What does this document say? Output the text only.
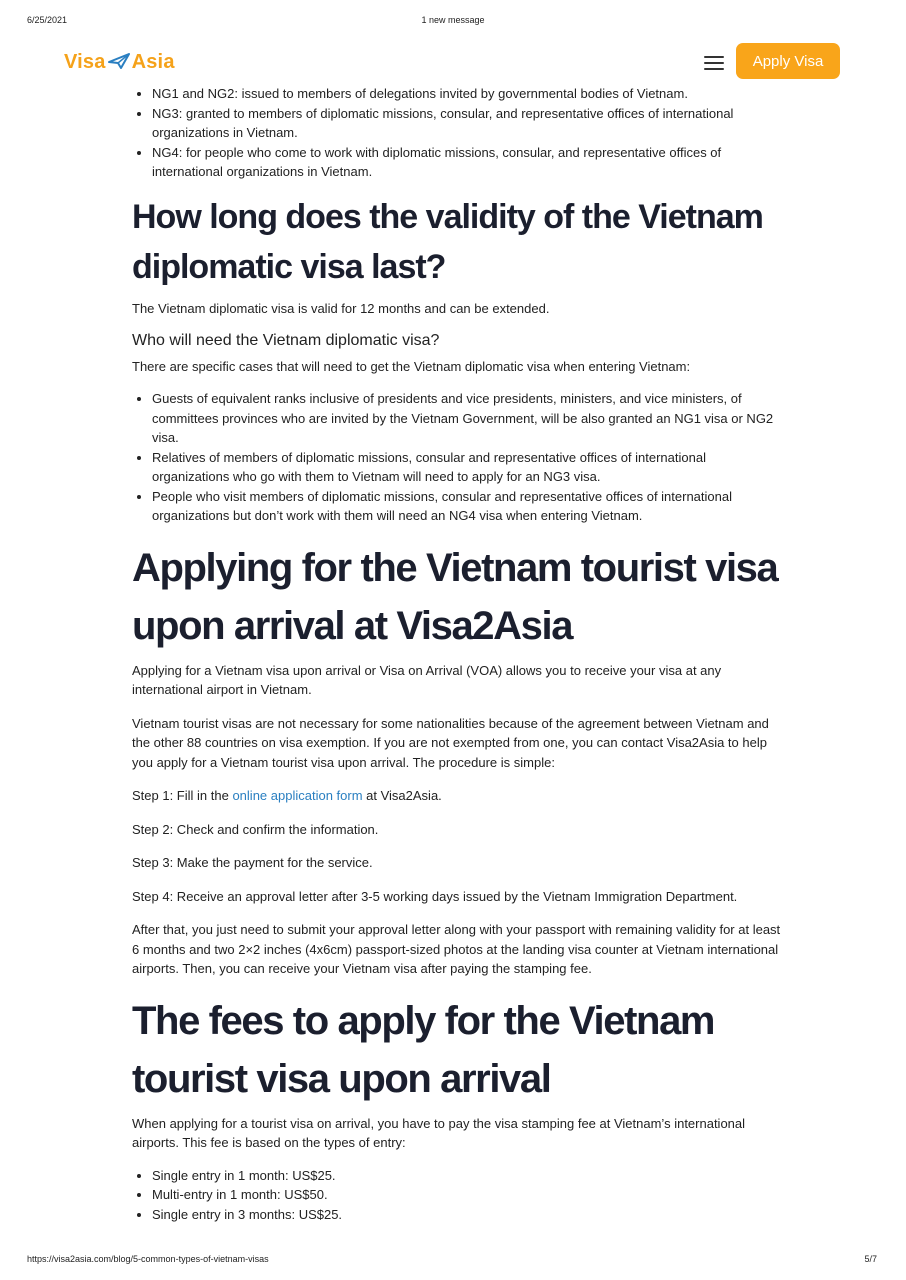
6/25/2021	1 new message
Visa Asia	Apply Visa
• NG1 and NG2: issued to members of delegations invited by governmental bodies of Vietnam.
• NG3: granted to members of diplomatic missions, consular, and representative offices of international organizations in Vietnam.
• NG4: for people who come to work with diplomatic missions, consular, and representative offices of international organizations in Vietnam.
How long does the validity of the Vietnam diplomatic visa last?

The Vietnam diplomatic visa is valid for 12 months and can be extended.

Who will need the Vietnam diplomatic visa?

There are specific cases that will need to get the Vietnam diplomatic visa when entering Vietnam:

• Guests of equivalent ranks inclusive of presidents and vice presidents, ministers, and vice ministers, of committees provinces who are invited by the Vietnam Government, will be also granted an NG1 visa or NG2 visa.
• Relatives of members of diplomatic missions, consular and representative offices of international organizations who go with them to Vietnam will need to apply for an NG3 visa.
• People who visit members of diplomatic missions, consular and representative offices of international organizations but don’t work with them will need an NG4 visa when entering Vietnam.
Applying for the Vietnam tourist visa upon arrival at Visa2Asia

Applying for a Vietnam visa upon arrival or Visa on Arrival (VOA) allows you to receive your visa at any international airport in Vietnam.

Vietnam tourist visas are not necessary for some nationalities because of the agreement between Vietnam and the other 88 countries on visa exemption. If you are not exempted from one, you can contact Visa2Asia to help you apply for a Vietnam tourist visa upon arrival. The procedure is simple:

Step 1: Fill in the online application form at Visa2Asia.

Step 2: Check and confirm the information.

Step 3: Make the payment for the service.

Step 4: Receive an approval letter after 3-5 working days issued by the Vietnam Immigration Department.

After that, you just need to submit your approval letter along with your passport with remaining validity for at least 6 months and two 2×2 inches (4x6cm) passport-sized photos at the landing visa counter at Vietnam international airports. Then, you can receive your Vietnam visa after paying the stamping fee.

The fees to apply for the Vietnam tourist visa upon arrival

When applying for a tourist visa on arrival, you have to pay the visa stamping fee at Vietnam’s international airports. This fee is based on the types of entry:

• Single entry in 1 month: US$25.
• Multi-entry in 1 month: US$50.
• Single entry in 3 months: US$25.
https://visa2asia.com/blog/5-common-types-of-vietnam-visas	5/7
